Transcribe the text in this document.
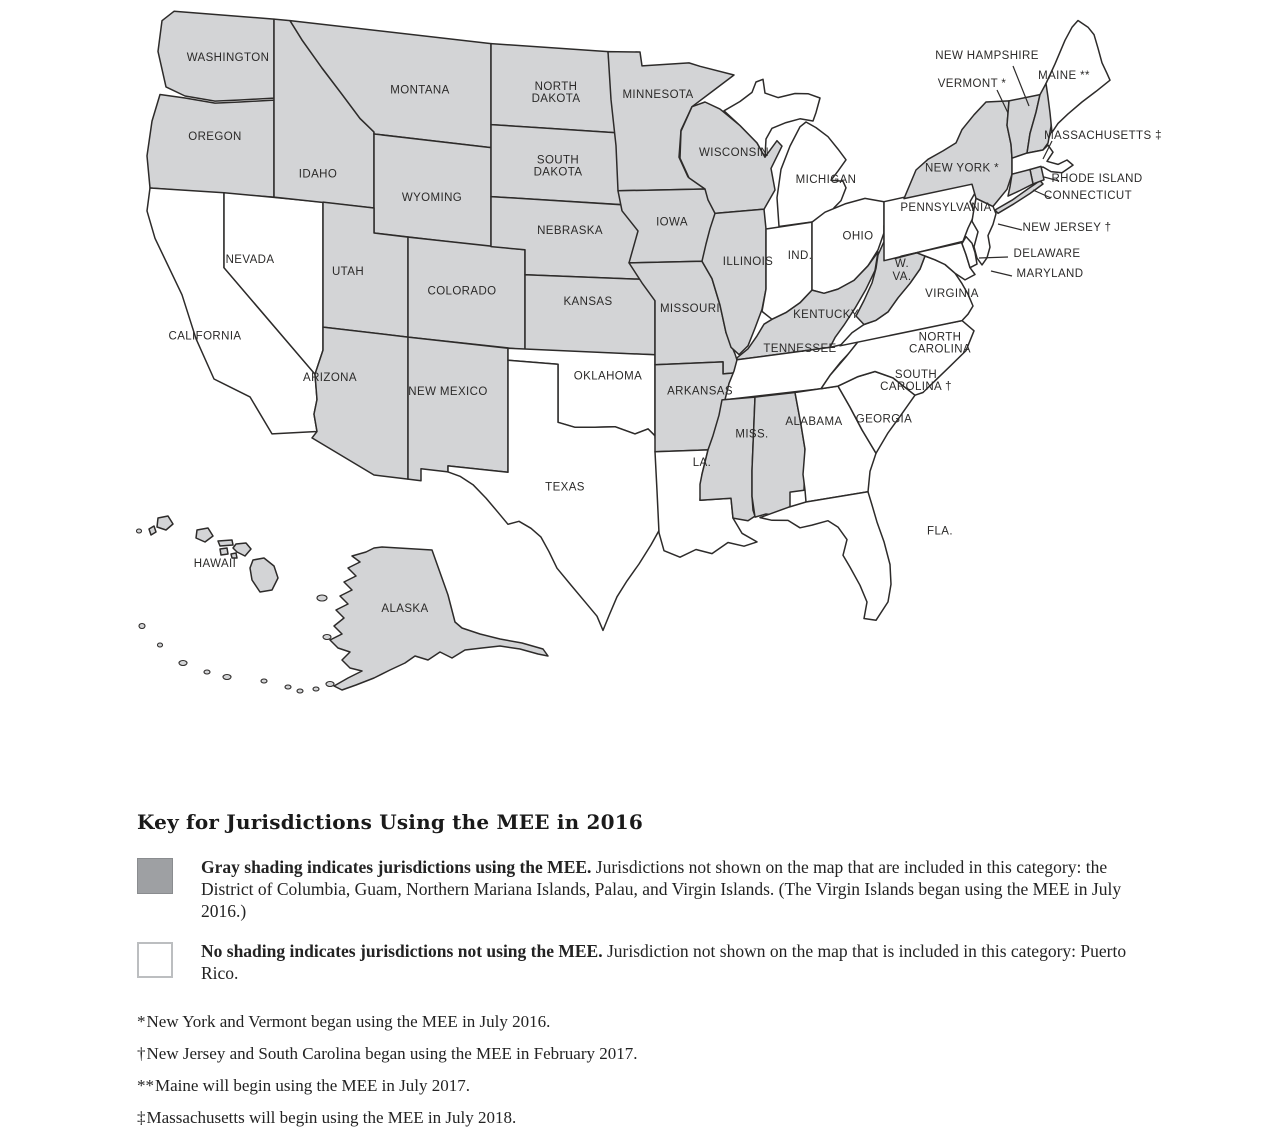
WASHINGTON
OREGON
CALIFORNIA
NEVADA
IDAHO
MONTANA
WYOMING
UTAH
COLORADO
ARIZONA
NEW MEXICO
NORTH
DAKOTA
SOUTH
DAKOTA
NEBRASKA
KANSAS
OKLAHOMA
TEXAS
MINNESOTA
IOWA
MISSOURI
ARKANSAS
LA.
WISCONSIN
ILLINOIS
MICHIGAN
IND.
OHIO
KENTUCKY
TENNESSEE
MISS.
ALABAMA GEORGIA
FLA.
SOUTH
CAROLINA †
NORTH
CAROLINA
VIRGINIA
W.
VA.
PENNSYLVANIA
NEW YORK *
ALASKA
HAWAII
NEW HAMPSHIRE
VERMONT *
MAINE **
MASSACHUSETTS ‡
RHODE ISLAND
CONNECTICUT
NEW JERSEY †
DELAWARE
MARYLAND
Key for Jurisdictions Using the MEE in 2016
Gray shading indicates jurisdictions using the MEE. Jurisdictions not shown on the map that are included in this category: the District of Columbia, Guam, Northern Mariana Islands, Palau, and Virgin Islands. (The Virgin Islands began using the MEE in July 2016.)
No shading indicates jurisdictions not using the MEE. Jurisdiction not shown on the map that is included in this category: Puerto Rico.
*New York and Vermont began using the MEE in July 2016.
†New Jersey and South Carolina began using the MEE in February 2017.
**Maine will begin using the MEE in July 2017.
‡Massachusetts will begin using the MEE in July 2018.
